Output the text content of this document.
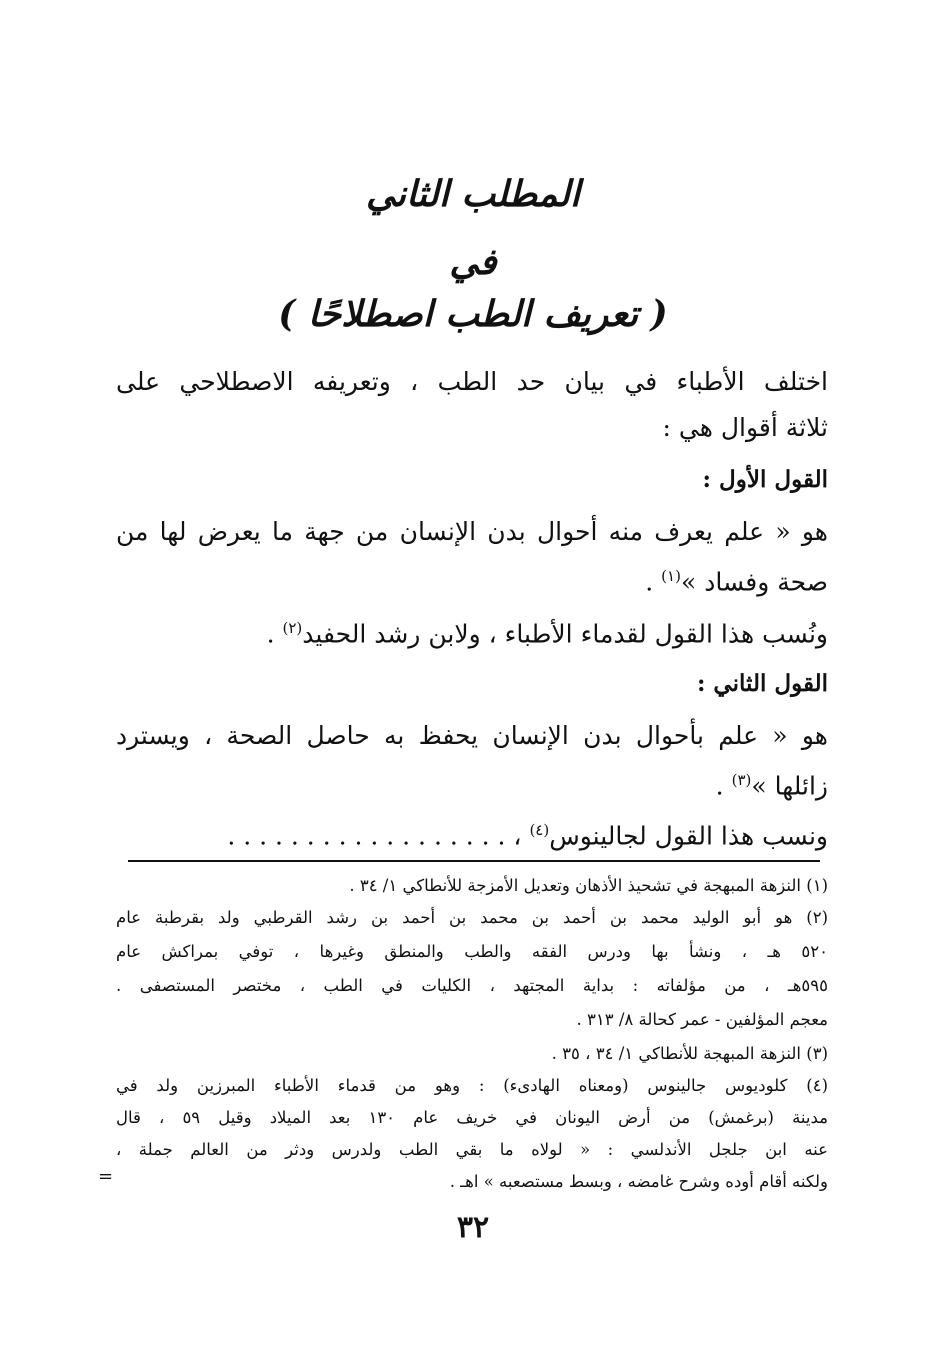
المطلب الثاني
في
( تعريف الطب اصطلاحًا )

اختلف الأطباء في بيان حد الطب ، وتعريفه الاصطلاحي على

ثلاثة أقوال هي :

القول الأول :

هو « علم يعرف منه أحوال بدن الإنسان من جهة ما يعرض لها من

صحة وفساد »$^{(١)}$ .

ونُسب هذا القول لقدماء الأطباء ، ولابن رشد الحفيد$^{(٢)}$ .

القول الثاني :

هو « علم بأحوال بدن الإنسان يحفظ به حاصل الصحة ، ويسترد

زائلها »$^{(٣)}$ .

ونسب هذا القول لجالينوس$^{(٤)}$ ، . . . . . . . . . . . . . . . . . .

(١) النزهة المبهجة في تشحيذ الأذهان وتعديل الأمزجة للأنطاكي ١/ ٣٤ .

(٢) هو أبو الوليد محمد بن أحمد بن محمد بن أحمد بن رشد القرطبي ولد بقرطبة عام

٥٢٠ هـ ، ونشأ بها ودرس الفقه والطب والمنطق وغيرها ، توفي بمراكش عام

٥٩٥هـ ، من مؤلفاته : بداية المجتهد ، الكليات في الطب ، مختصر المستصفى .

معجم المؤلفين - عمر كحالة ٨/ ٣١٣ .

(٣) النزهة المبهجة للأنطاكي ١/ ٣٤ ، ٣٥ .

(٤) كلوديوس جالينوس (ومعناه الهادىء) : وهو من قدماء الأطباء المبرزين ولد في

مدينة (برغمش) من أرض اليونان في خريف عام ١٣٠ بعد الميلاد وقيل ٥٩ ، قال

عنه ابن جلجل الأندلسي : « لولاه ما بقي الطب ولدرس ودثر من العالم جملة ،

ولكنه أقام أوده وشرح غامضه ، وبسط مستصعبه » اهـ .

=

٣٢
